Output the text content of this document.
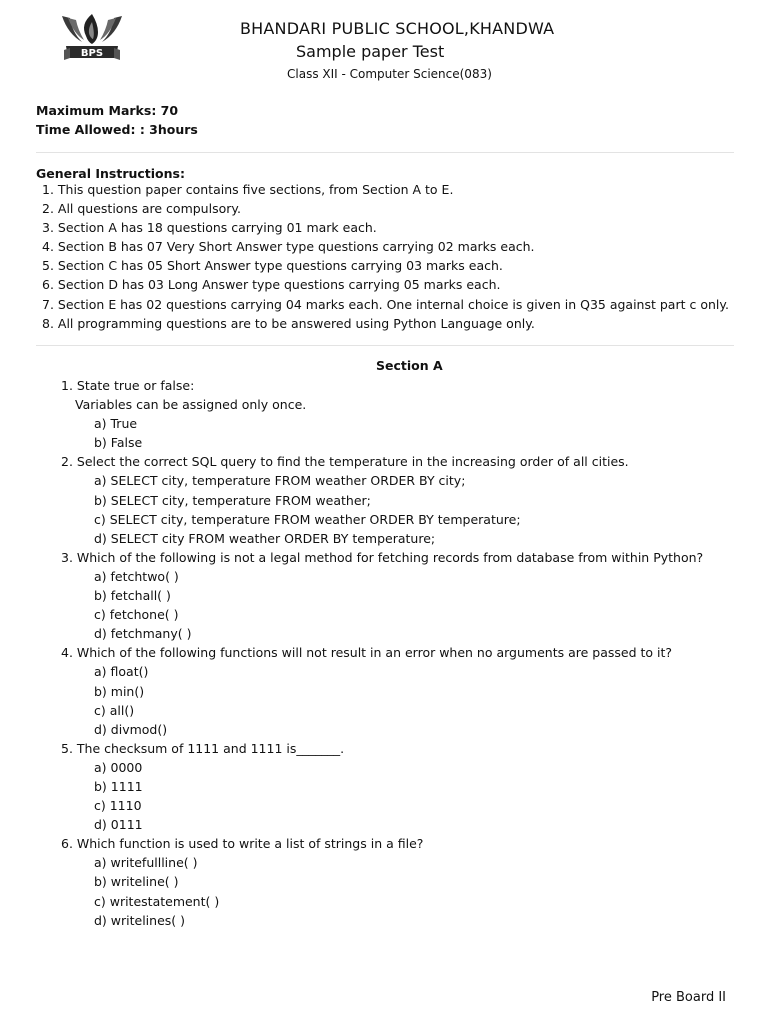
BPS
BHANDARI PUBLIC SCHOOL,KHANDWA
Sample paper Test
Class XII - Computer Science(083)
Maximum Marks: 70
Time Allowed: : 3hours
General Instructions:
1. This question paper contains five sections, from Section A to E.
2. All questions are compulsory.
3. Section A has 18 questions carrying 01 mark each.
4. Section B has 07 Very Short Answer type questions carrying 02 marks each.
5. Section C has 05 Short Answer type questions carrying 03 marks each.
6. Section D has 03 Long Answer type questions carrying 05 marks each.
7. Section E has 02 questions carrying 04 marks each. One internal choice is given in Q35 against part c only.
8. All programming questions are to be answered using Python Language only.
Section A
1. State true or false:
Variables can be assigned only once.
a) True
b) False
2. Select the correct SQL query to find the temperature in the increasing order of all cities.
a) SELECT city, temperature FROM weather ORDER BY city;
b) SELECT city, temperature FROM weather;
c) SELECT city, temperature FROM weather ORDER BY temperature;
d) SELECT city FROM weather ORDER BY temperature;
3. Which of the following is not a legal method for fetching records from database from within Python?
a) fetchtwo( )
b) fetchall( )
c) fetchone( )
d) fetchmany( )
4. Which of the following functions will not result in an error when no arguments are passed to it?
a) float()
b) min()
c) all()
d) divmod()
5. The checksum of 1111 and 1111 is_______.
a) 0000
b) 1111
c) 1110
d) 0111
6. Which function is used to write a list of strings in a file?
a) writefullline( )
b) writeline( )
c) writestatement( )
d) writelines( )
Pre Board II
